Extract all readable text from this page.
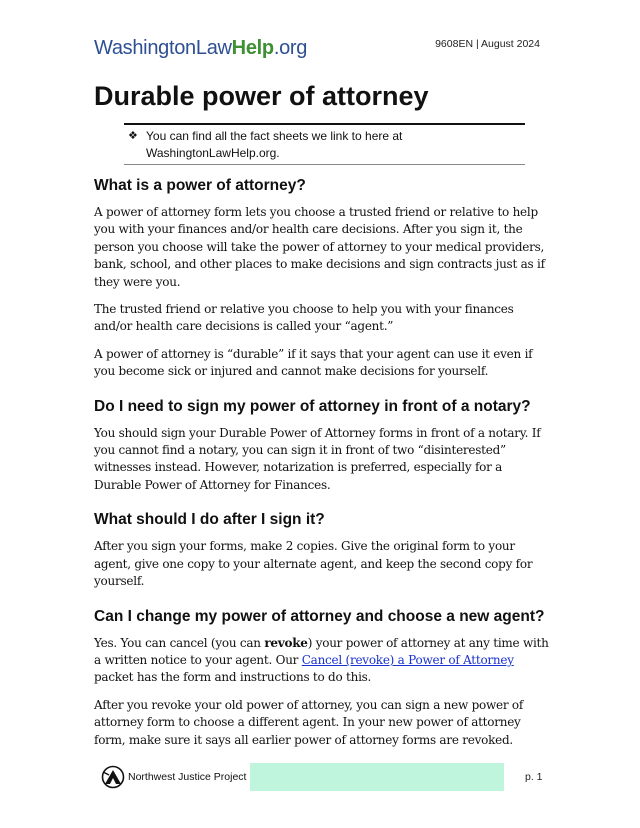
WashingtonLawHelp.org	9608EN | August 2024
Durable power of attorney
❖ You can find all the fact sheets we link to here at WashingtonLawHelp.org.
What is a power of attorney?

A power of attorney form lets you choose a trusted friend or relative to help you with your finances and/or health care decisions. After you sign it, the person you choose will take the power of attorney to your medical providers, bank, school, and other places to make decisions and sign contracts just as if they were you.

The trusted friend or relative you choose to help you with your finances and/or health care decisions is called your “agent.”

A power of attorney is “durable” if it says that your agent can use it even if you become sick or injured and cannot make decisions for yourself.

Do I need to sign my power of attorney in front of a notary?

You should sign your Durable Power of Attorney forms in front of a notary. If you cannot find a notary, you can sign it in front of two “disinterested” witnesses instead. However, notarization is preferred, especially for a Durable Power of Attorney for Finances.

What should I do after I sign it?

After you sign your forms, make 2 copies. Give the original form to your agent, give one copy to your alternate agent, and keep the second copy for yourself.

Can I change my power of attorney and choose a new agent?

Yes. You can cancel (you can revoke) your power of attorney at any time with a written notice to your agent. Our Cancel (revoke) a Power of Attorney packet has the form and instructions to do this.

After you revoke your old power of attorney, you can sign a new power of attorney form to choose a different agent. In your new power of attorney form, make sure it says all earlier power of attorney forms are revoked.

Northwest Justice Project	p. 1
